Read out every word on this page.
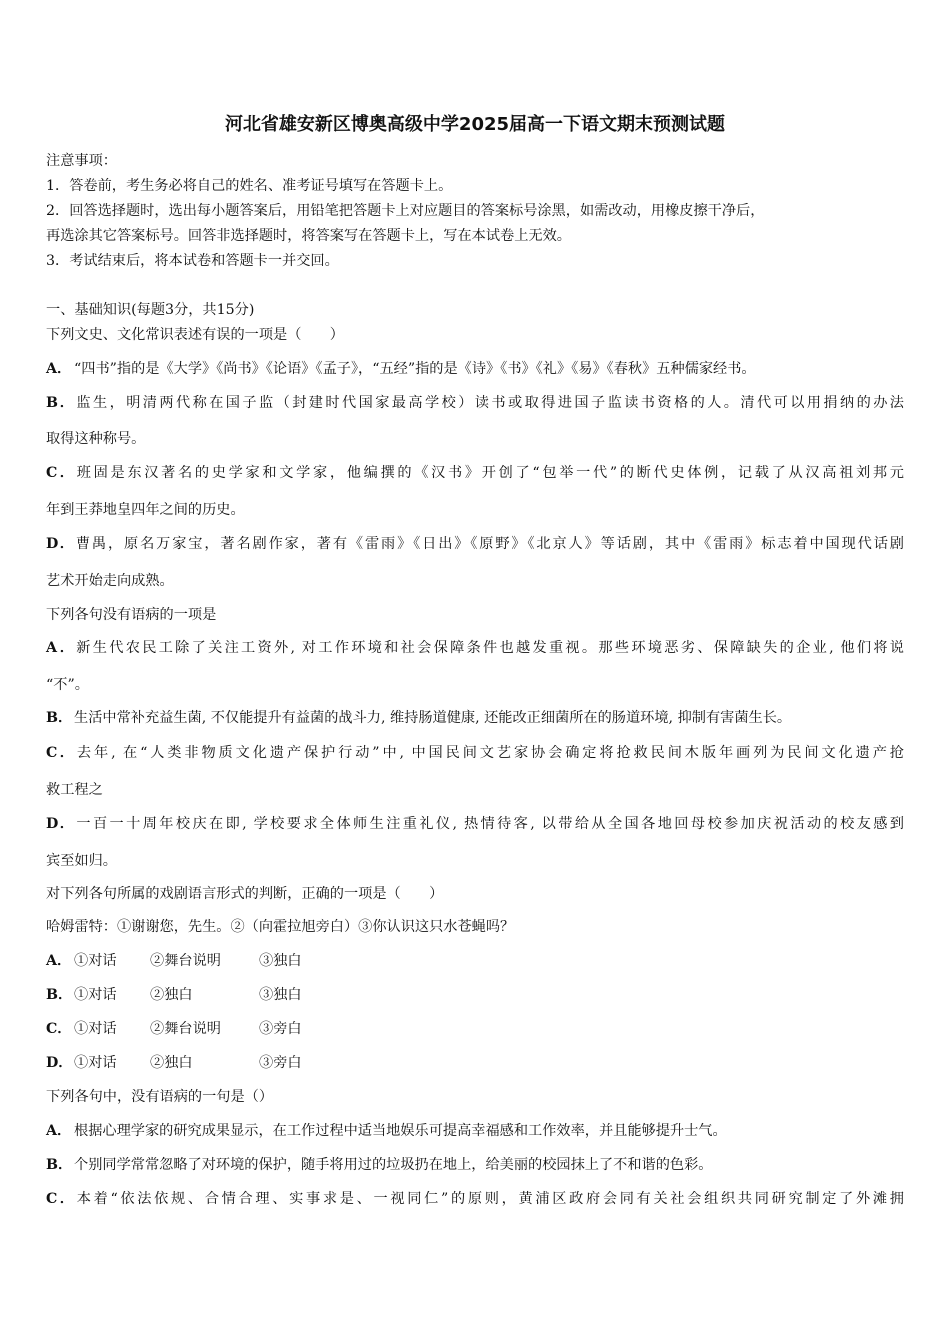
河北省雄安新区博奥高级中学2025届高一下语文期末预测试题
注意事项：
1．答卷前，考生务必将自己的姓名、准考证号填写在答题卡上。
2．回答选择题时，选出每小题答案后，用铅笔把答题卡上对应题目的答案标号涂黑，如需改动，用橡皮擦干净后，
再选涂其它答案标号。回答非选择题时，将答案写在答题卡上，写在本试卷上无效。
3．考试结束后，将本试卷和答题卡一并交回。
一、基础知识(每题3分，共15分)
下列文史、文化常识表述有误的一项是（　　）
A． “四书”指的是《大学》《尚书》《论语》《孟子》，“五经”指的是《诗》《书》《礼》《易》《春秋》五种儒家经书。
B．监生，明清两代称在国子监（封建时代国家最高学校）读书或取得进国子监读书资格的人。清代可以用捐纳的办法
取得这种称号。
C．班固是东汉著名的史学家和文学家，他编撰的《汉书》开创了“包举一代”的断代史体例，记载了从汉高祖刘邦元
年到王莽地皇四年之间的历史。
D．曹禺，原名万家宝，著名剧作家，著有《雷雨》《日出》《原野》《北京人》等话剧，其中《雷雨》标志着中国现代话剧
艺术开始走向成熟。
下列各句没有语病的一项是
A．新生代农民工除了关注工资外, 对工作环境和社会保障条件也越发重视。那些环境恶劣、保障缺失的企业, 他们将说
“不”。
B． 生活中常补充益生菌, 不仅能提升有益菌的战斗力, 维持肠道健康, 还能改正细菌所在的肠道环境, 抑制有害菌生长。
C．去年, 在“人类非物质文化遗产保护行动”中, 中国民间文艺家协会确定将抢救民间木版年画列为民间文化遗产抢
救工程之
D．一百一十周年校庆在即, 学校要求全体师生注重礼仪, 热情待客, 以带给从全国各地回母校参加庆祝活动的校友感到
宾至如归。
对下列各句所属的戏剧语言形式的判断，正确的一项是（　　）
哈姆雷特：①谢谢您，先生。②（向霍拉旭旁白）③你认识这只水苍蝇吗？
A． ①对话 ②舞台说明	③独白
B． ①对话 ②独白	③独白
C． ①对话 ②舞台说明	③旁白
D． ①对话 ②独白	③旁白
下列各句中，没有语病的一句是（）
A． 根据心理学家的研究成果显示，在工作过程中适当地娱乐可提高幸福感和工作效率，并且能够提升士气。
B． 个别同学常常忽略了对环境的保护，随手将用过的垃圾扔在地上，给美丽的校园抹上了不和谐的色彩。
C．本着“依法依规、合情合理、实事求是、一视同仁”的原则，黄浦区政府会同有关社会组织共同研究制定了外滩拥
